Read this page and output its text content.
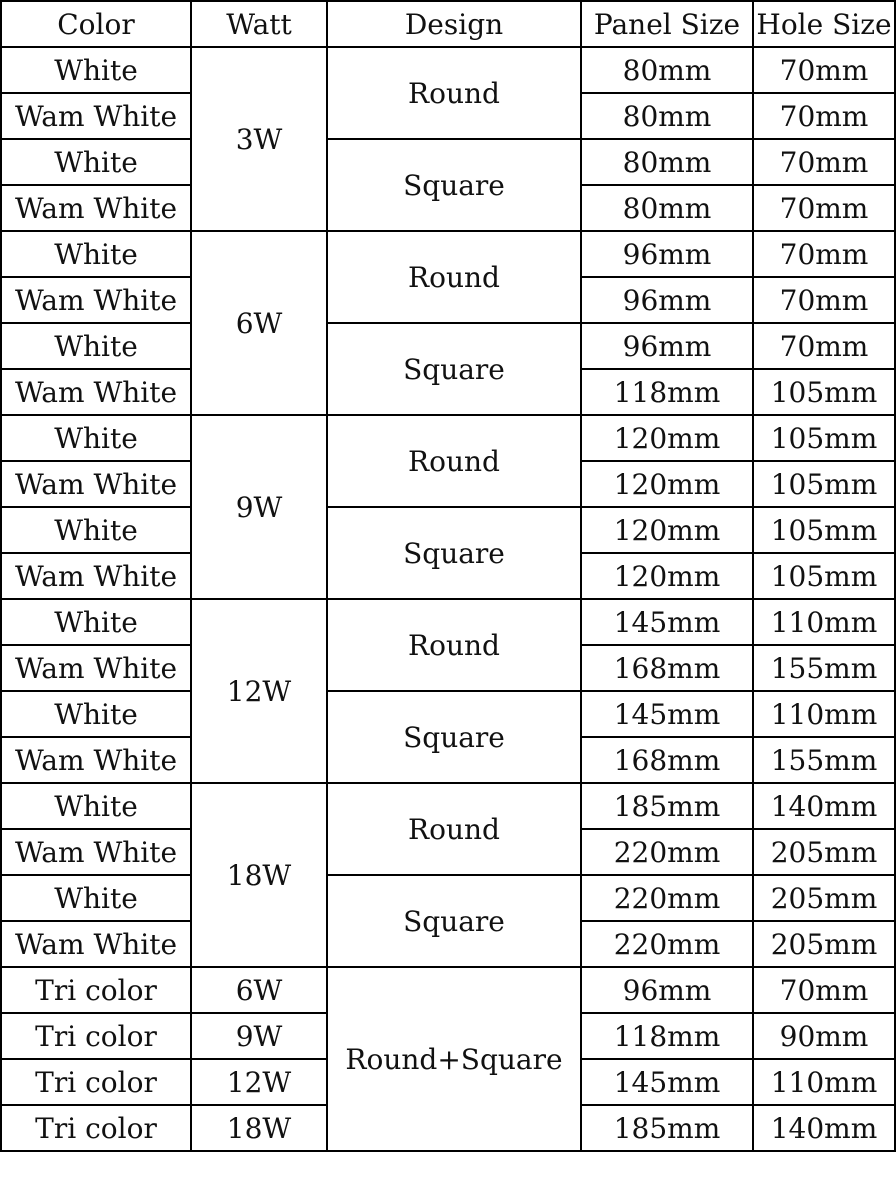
Color	Watt	Design	Panel Size	Hole Size
White	3W	Round	80mm	70mm
Wam White			80mm	70mm
White		Square	80mm	70mm
Wam White			80mm	70mm
White	6W	Round	96mm	70mm
Wam White			96mm	70mm
White		Square	96mm	70mm
Wam White			118mm	105mm
White	9W	Round	120mm	105mm
Wam White			120mm	105mm
White		Square	120mm	105mm
Wam White			120mm	105mm
White	12W	Round	145mm	110mm
Wam White			168mm	155mm
White		Square	145mm	110mm
Wam White			168mm	155mm
White	18W	Round	185mm	140mm
Wam White			220mm	205mm
White		Square	220mm	205mm
Wam White			220mm	205mm
Tri color	6W	Round+Square	96mm	70mm
Tri color	9W		118mm	90mm
Tri color	12W		145mm	110mm
Tri color	18W		185mm	140mm
